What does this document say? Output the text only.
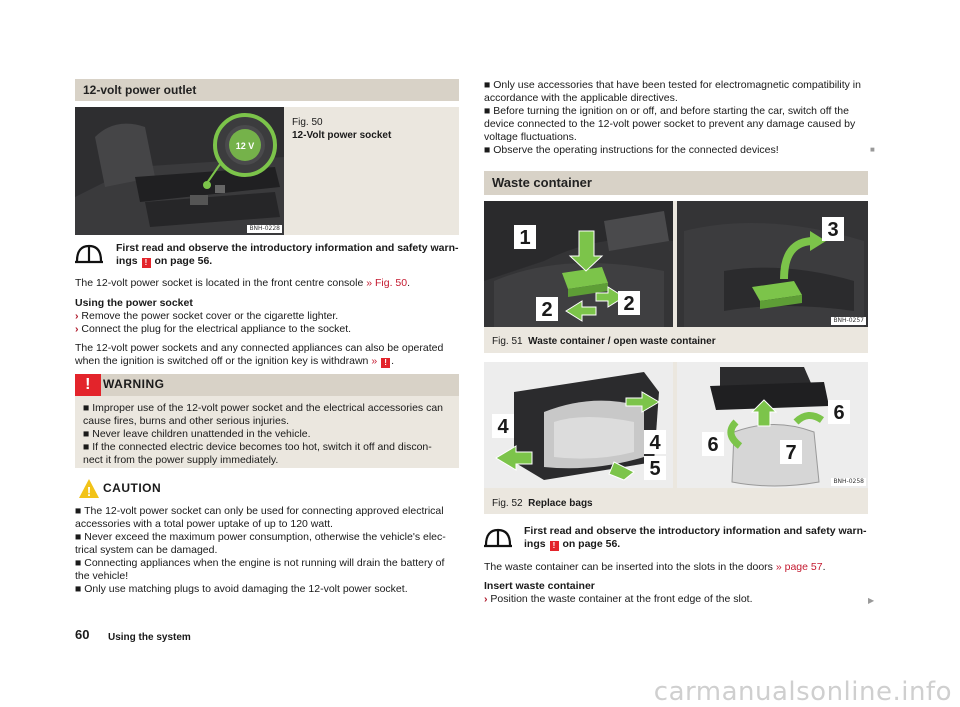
12-volt power outlet
12 V
BNH-0228

Fig. 50

12-Volt power socket

First read and observe the introductory information and safety warn-

ings ! on page 56.

The 12-volt power socket is located in the front centre console » Fig. 50.

Using the power socket

› Remove the power socket cover or the cigarette lighter.

› Connect the plug for the electrical appliance to the socket.

The 12-volt power sockets and any connected appliances can also be operated

when the ignition is switched off or the ignition key is withdrawn » ! .

!	WARNING

■ Improper use of the 12-volt power socket and the electrical accessories can

cause fires, burns and other serious injuries.

■ Never leave children unattended in the vehicle.

■ If the connected electric device becomes too hot, switch it off and discon-

nect it from the power supply immediately.

! CAUTION

■ The 12-volt power socket can only be used for connecting approved electrical

accessories with a total power uptake of up to 120 watt.

■ Never exceed the maximum power consumption, otherwise the vehicle's elec-

trical system can be damaged.

■ Connecting appliances when the engine is not running will drain the battery of

the vehicle!

■ Only use matching plugs to avoid damaging the 12-volt power socket.

■ Only use accessories that have been tested for electromagnetic compatibility in

accordance with the applicable directives.

■ Before turning the ignition on or off, and before starting the car, switch off the

device connected to the 12-volt power socket to prevent any damage caused by

voltage fluctuations.

■ Observe the operating instructions for the connected devices!	■
Waste container
1
2	2
3
BNH-0257
Fig. 51 Waste container / open waste container
4
4
5
6
6	7
BNH-0258
Fig. 52 Replace bags

First read and observe the introductory information and safety warn-

ings ! on page 56.

The waste container can be inserted into the slots in the doors » page 57.

Insert waste container

› Position the waste container at the front edge of the slot.	▶
60 Using the system
carmanualsonline.info
